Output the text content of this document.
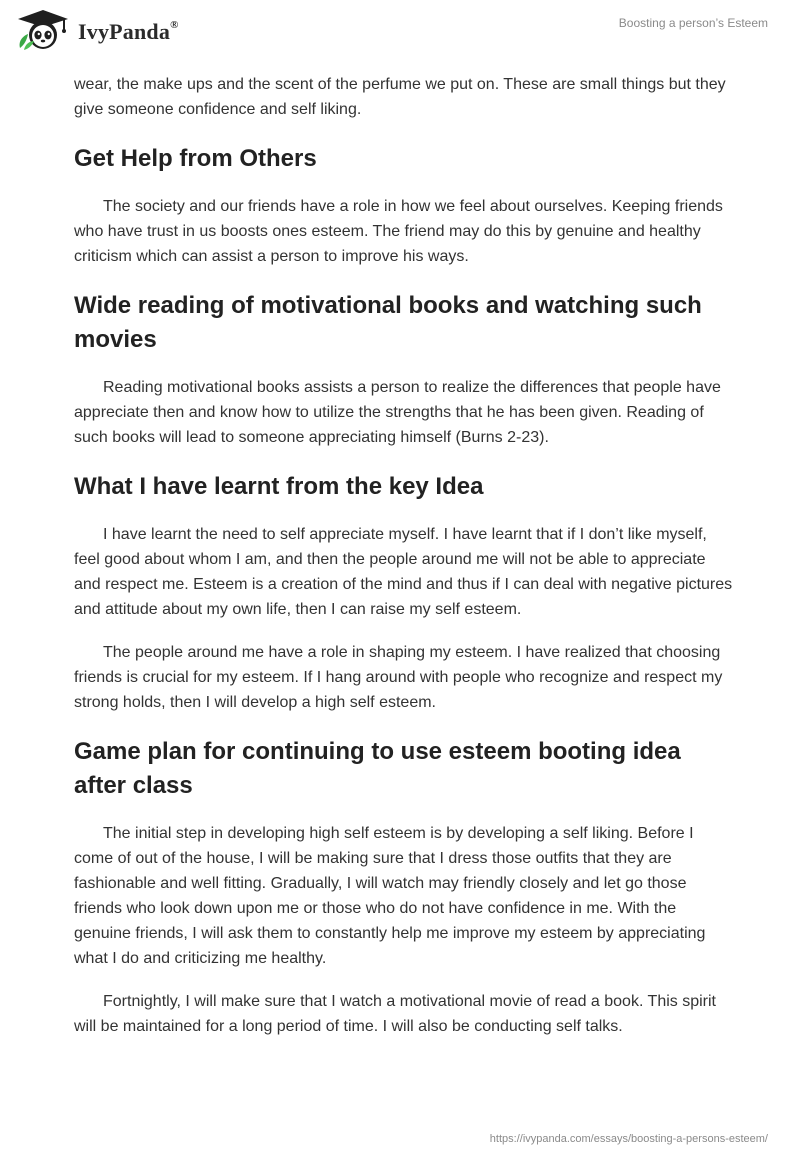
IvyPanda®	Boosting a person’s Esteem

wear, the make ups and the scent of the perfume we put on. These are small things but they give someone confidence and self liking.

Get Help from Others

The society and our friends have a role in how we feel about ourselves. Keeping friends who have trust in us boosts ones esteem. The friend may do this by genuine and healthy criticism which can assist a person to improve his ways.

Wide reading of motivational books and watching such movies

Reading motivational books assists a person to realize the differences that people have appreciate then and know how to utilize the strengths that he has been given. Reading of such books will lead to someone appreciating himself (Burns 2-23).

What I have learnt from the key Idea

I have learnt the need to self appreciate myself. I have learnt that if I don’t like myself, feel good about whom I am, and then the people around me will not be able to appreciate and respect me. Esteem is a creation of the mind and thus if I can deal with negative pictures and attitude about my own life, then I can raise my self esteem.

The people around me have a role in shaping my esteem. I have realized that choosing friends is crucial for my esteem. If I hang around with people who recognize and respect my strong holds, then I will develop a high self esteem.

Game plan for continuing to use esteem booting idea after class

The initial step in developing high self esteem is by developing a self liking. Before I come of out of the house, I will be making sure that I dress those outfits that they are fashionable and well fitting. Gradually, I will watch may friendly closely and let go those friends who look down upon me or those who do not have confidence in me. With the genuine friends, I will ask them to constantly help me improve my esteem by appreciating what I do and criticizing me healthy.

Fortnightly, I will make sure that I watch a motivational movie of read a book. This spirit will be maintained for a long period of time. I will also be conducting self talks.

https://ivypanda.com/essays/boosting-a-persons-esteem/
